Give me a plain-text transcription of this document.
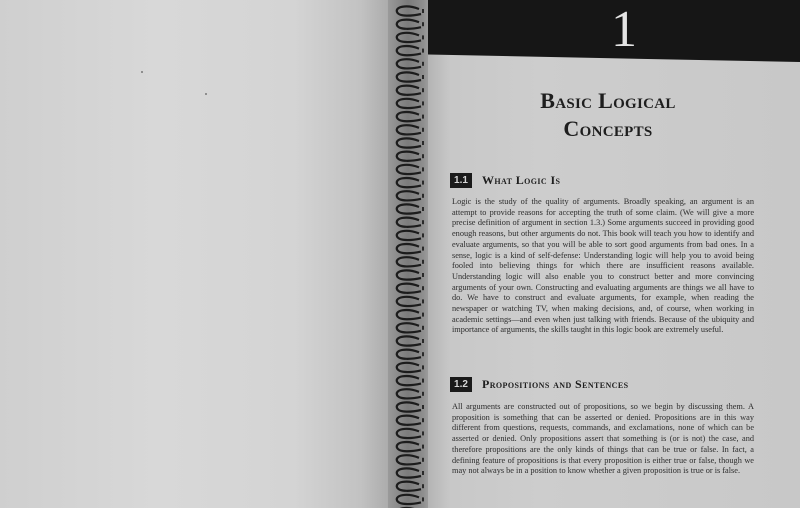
1
Basic Logical
Concepts
1.1	What Logic Is

Logic is the study of the quality of arguments. Broadly speaking, an argument is an attempt to provide reasons for accepting the truth of some claim. (We will give a more precise definition of argument in section 1.3.) Some arguments succeed in providing good enough reasons, but other arguments do not. This book will teach you how to identify and evaluate arguments, so that you will be able to sort good arguments from bad ones. In a sense, logic is a kind of self-defense: Understanding logic will help you to avoid being fooled into believing things for which there are insufficient reasons available. Understanding logic will also enable you to construct better and more convincing arguments of your own. Constructing and evaluating arguments are things we all have to do. We have to construct and evaluate arguments, for example, when reading the newspaper or watching TV, when making decisions, and, of course, when working in academic settings—and even when just talking with friends. Because of the ubiquity and importance of arguments, the skills taught in this logic book are extremely useful.

1.2	Propositions and Sentences

All arguments are constructed out of propositions, so we begin by discussing them. A proposition is something that can be asserted or denied. Propositions are in this way different from questions, requests, commands, and exclamations, none of which can be asserted or denied. Only propositions assert that something is (or is not) the case, and therefore propositions are the only kinds of things that can be true or false. In fact, a defining feature of propositions is that every proposition is either true or false, though we may not always be in a position to know whether a given proposition is true or is false.
